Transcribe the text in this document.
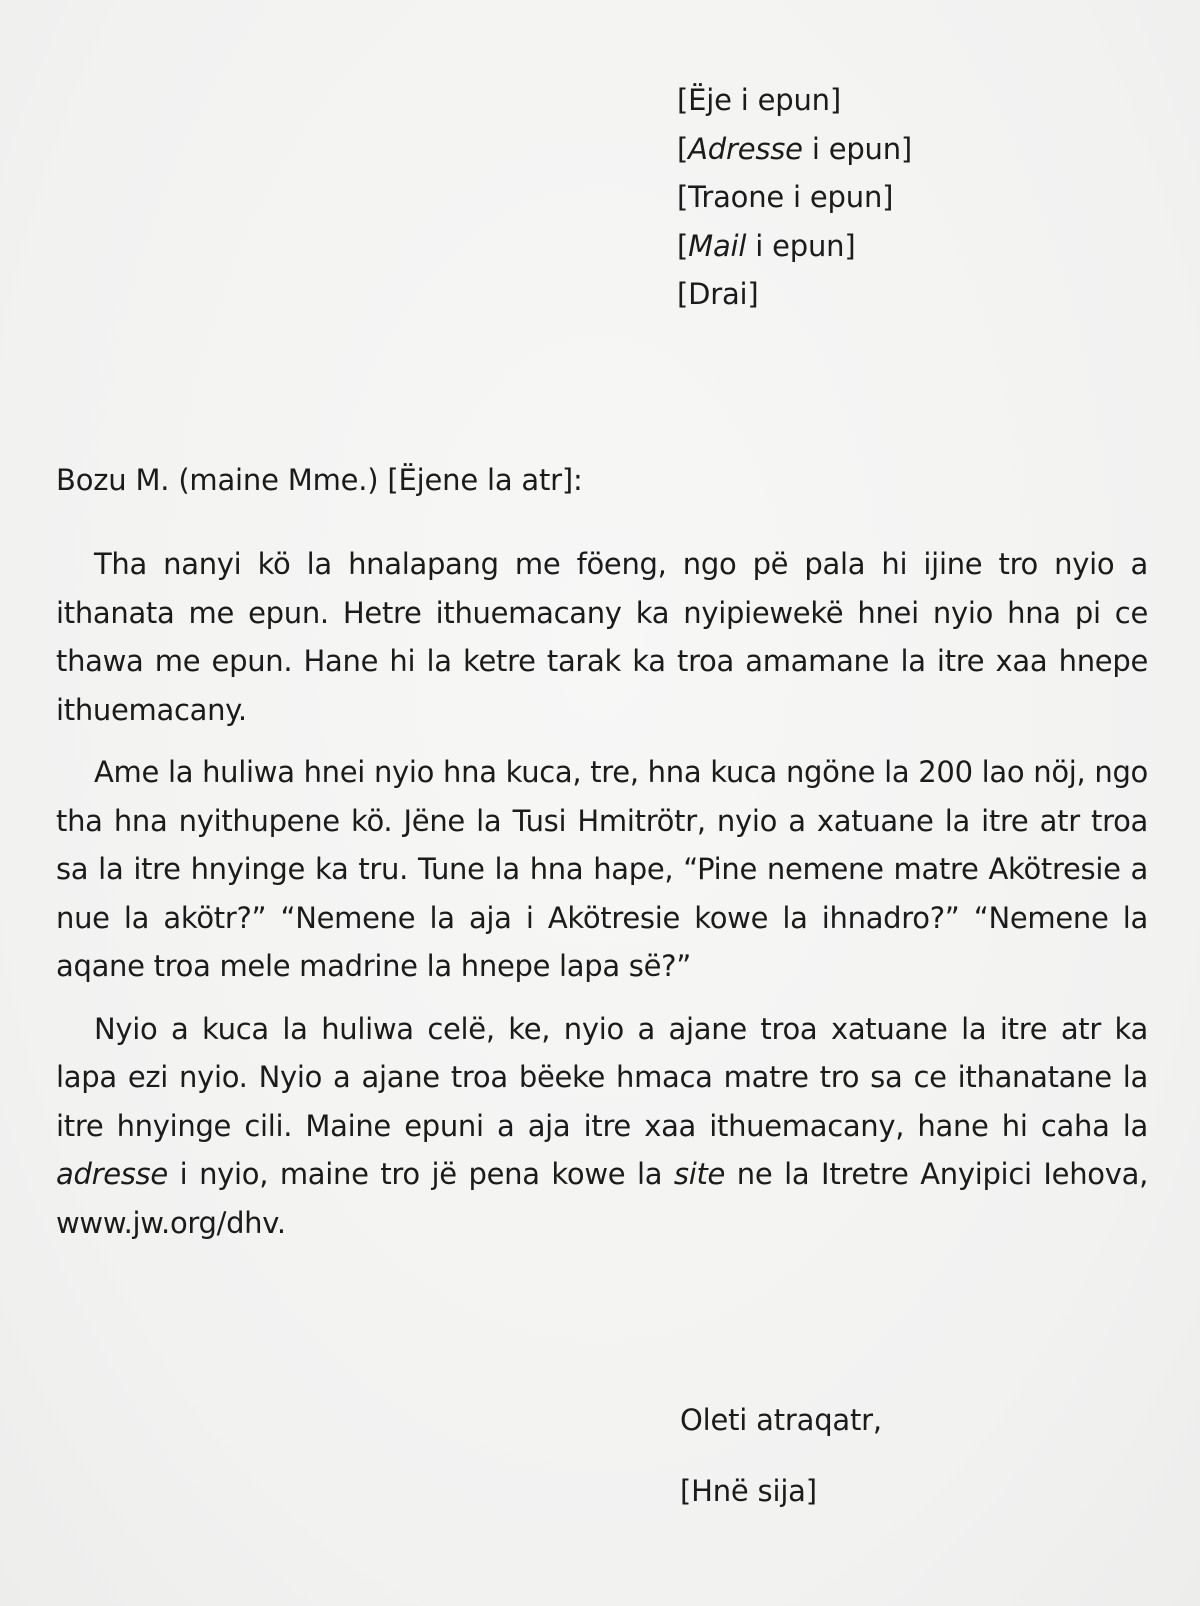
[Ëje i epun]
[Adresse i epun]
[Traone i epun]
[Mail i epun]
[Drai]
Bozu M. (maine Mme.) [Ëjene la atr]:

Tha nanyi kö la hnalapang me föeng, ngo pë pala hi ijine tro nyio a ithanata me epun. Hetre ithuemacany ka nyipiewekë hnei nyio hna pi ce thawa me epun. Hane hi la ketre tarak ka troa amamane la itre xaa hnepe ithuemacany.

Ame la huliwa hnei nyio hna kuca, tre, hna kuca ngöne la 200 lao nöj, ngo tha hna nyithupene kö. Jëne la Tusi Hmitrötr, nyio a xatuane la itre atr troa sa la itre hnyinge ka tru. Tune la hna hape, “Pine nemene matre Akötresie a nue la akötr?” “Nemene la aja i Akötresie kowe la ihnadro?” “Nemene la aqane troa mele madrine la hnepe lapa së?”

Nyio a kuca la huliwa celë, ke, nyio a ajane troa xatuane la itre atr ka lapa ezi nyio. Nyio a ajane troa bëeke hmaca matre tro sa ce ithanatane la itre hnyinge cili. Maine epuni a aja itre xaa ithuemacany, hane hi caha la adresse i nyio, maine tro jë pena kowe la site ne la Itretre Anyipici Iehova, www.jw.org/dhv.

Oleti atraqatr,
[Hnë sija]
